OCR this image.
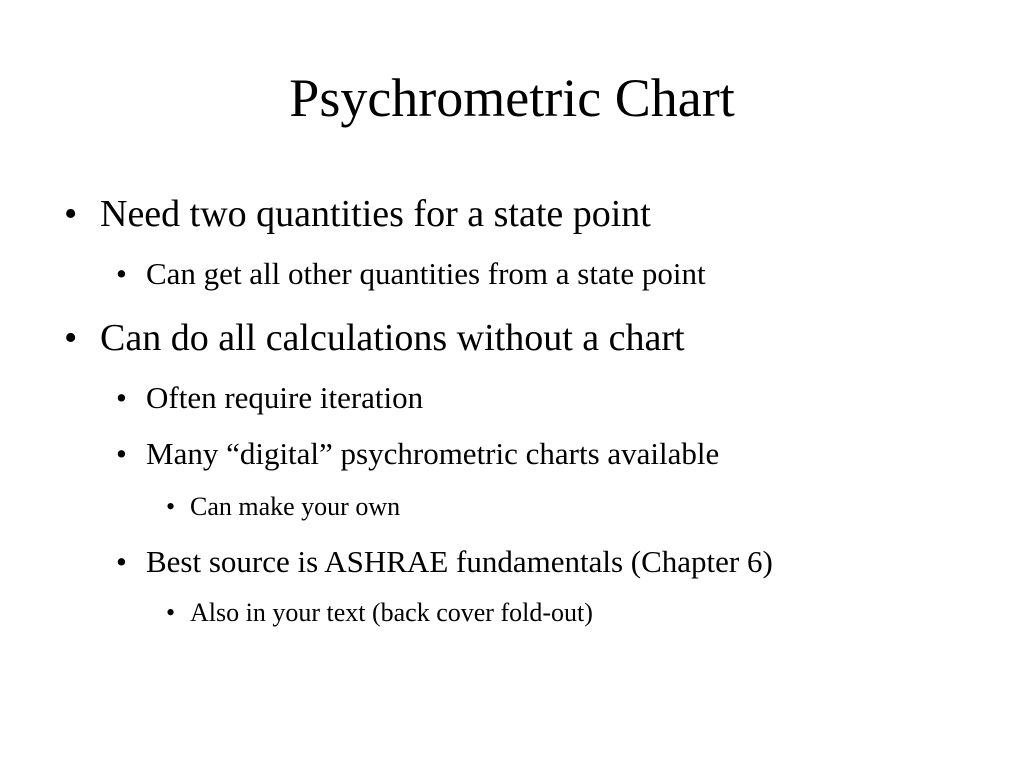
Psychrometric Chart
• Need two quantities for a state point
• Can get all other quantities from a state point
• Can do all calculations without a chart
• Often require iteration
• Many “digital” psychrometric charts available
• Can make your own
• Best source is ASHRAE fundamentals (Chapter 6)
• Also in your text (back cover fold-out)
